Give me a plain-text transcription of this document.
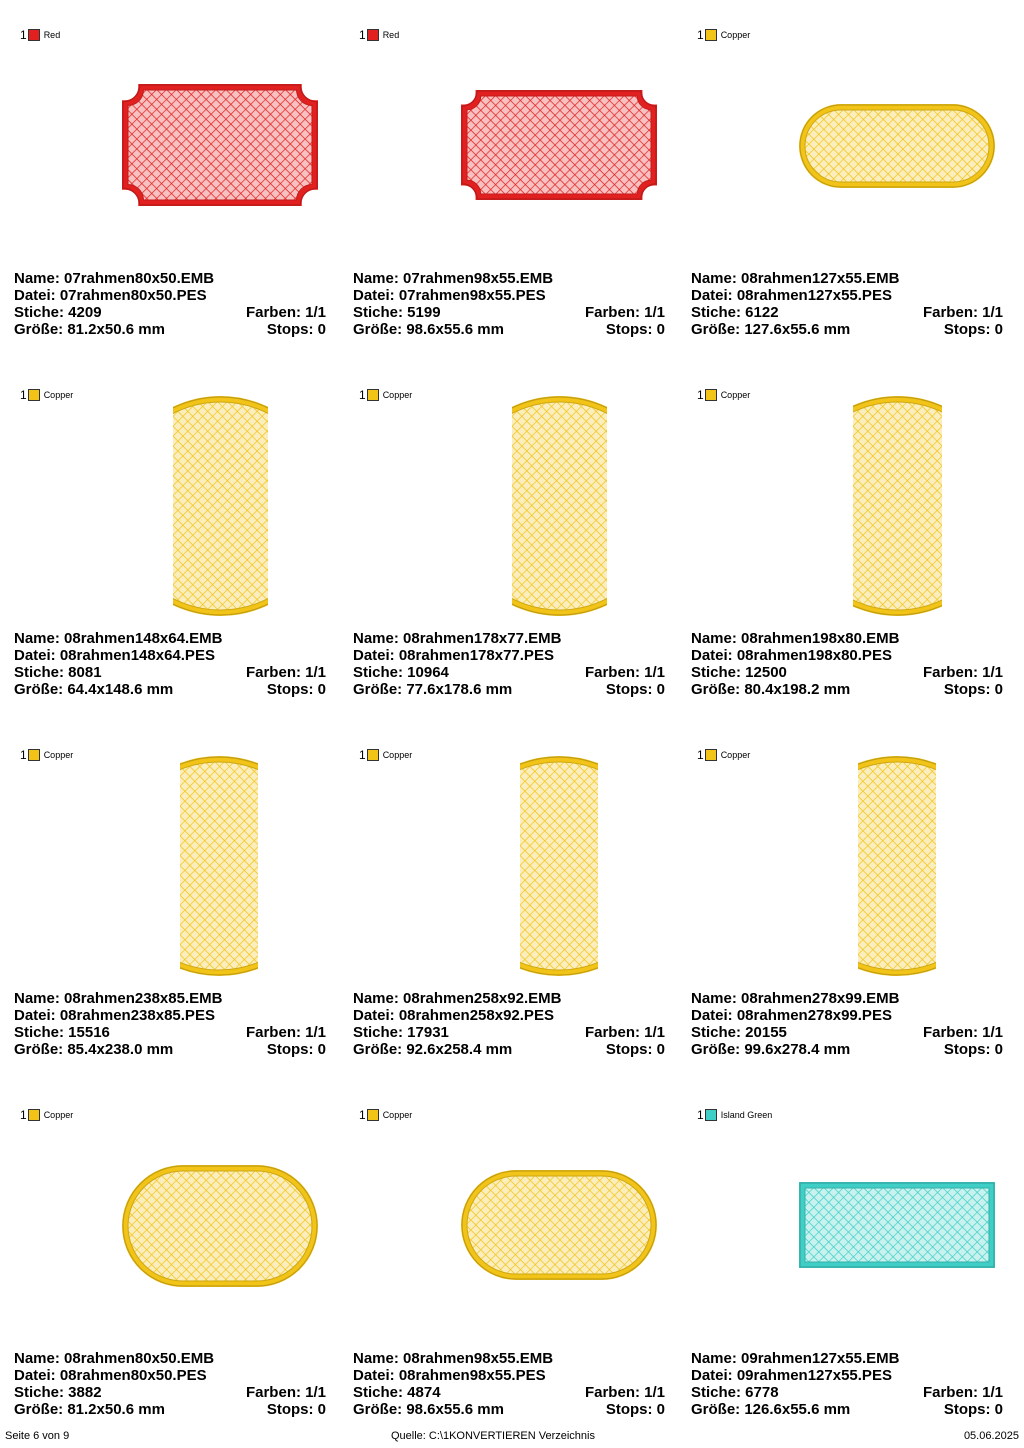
1 Red
Name: 07rahmen80x50.EMB
Datei: 07rahmen80x50.PES
Stiche: 4209	Farben: 1/1
Größe: 81.2x50.6 mm	Stops: 0
1 Red
Name: 07rahmen98x55.EMB
Datei: 07rahmen98x55.PES
Stiche: 5199	Farben: 1/1
Größe: 98.6x55.6 mm	Stops: 0
1 Copper
Name: 08rahmen127x55.EMB
Datei: 08rahmen127x55.PES
Stiche: 6122	Farben: 1/1
Größe: 127.6x55.6 mm	Stops: 0
1 Copper
Name: 08rahmen148x64.EMB
Datei: 08rahmen148x64.PES
Stiche: 8081	Farben: 1/1
Größe: 64.4x148.6 mm	Stops: 0
1 Copper
Name: 08rahmen178x77.EMB
Datei: 08rahmen178x77.PES
Stiche: 10964	Farben: 1/1
Größe: 77.6x178.6 mm	Stops: 0
1 Copper
Name: 08rahmen198x80.EMB
Datei: 08rahmen198x80.PES
Stiche: 12500	Farben: 1/1
Größe: 80.4x198.2 mm	Stops: 0
1 Copper
Name: 08rahmen238x85.EMB
Datei: 08rahmen238x85.PES
Stiche: 15516	Farben: 1/1
Größe: 85.4x238.0 mm	Stops: 0
1 Copper
Name: 08rahmen258x92.EMB
Datei: 08rahmen258x92.PES
Stiche: 17931	Farben: 1/1
Größe: 92.6x258.4 mm	Stops: 0
1 Copper
Name: 08rahmen278x99.EMB
Datei: 08rahmen278x99.PES
Stiche: 20155	Farben: 1/1
Größe: 99.6x278.4 mm	Stops: 0
1 Copper
Name: 08rahmen80x50.EMB
Datei: 08rahmen80x50.PES
Stiche: 3882	Farben: 1/1
Größe: 81.2x50.6 mm	Stops: 0
1 Copper
Name: 08rahmen98x55.EMB
Datei: 08rahmen98x55.PES
Stiche: 4874	Farben: 1/1
Größe: 98.6x55.6 mm	Stops: 0
1 Island Green
Name: 09rahmen127x55.EMB
Datei: 09rahmen127x55.PES
Stiche: 6778	Farben: 1/1
Größe: 126.6x55.6 mm	Stops: 0
Seite 6 von 9	Quelle: C:\1KONVERTIEREN Verzeichnis	05.06.2025
